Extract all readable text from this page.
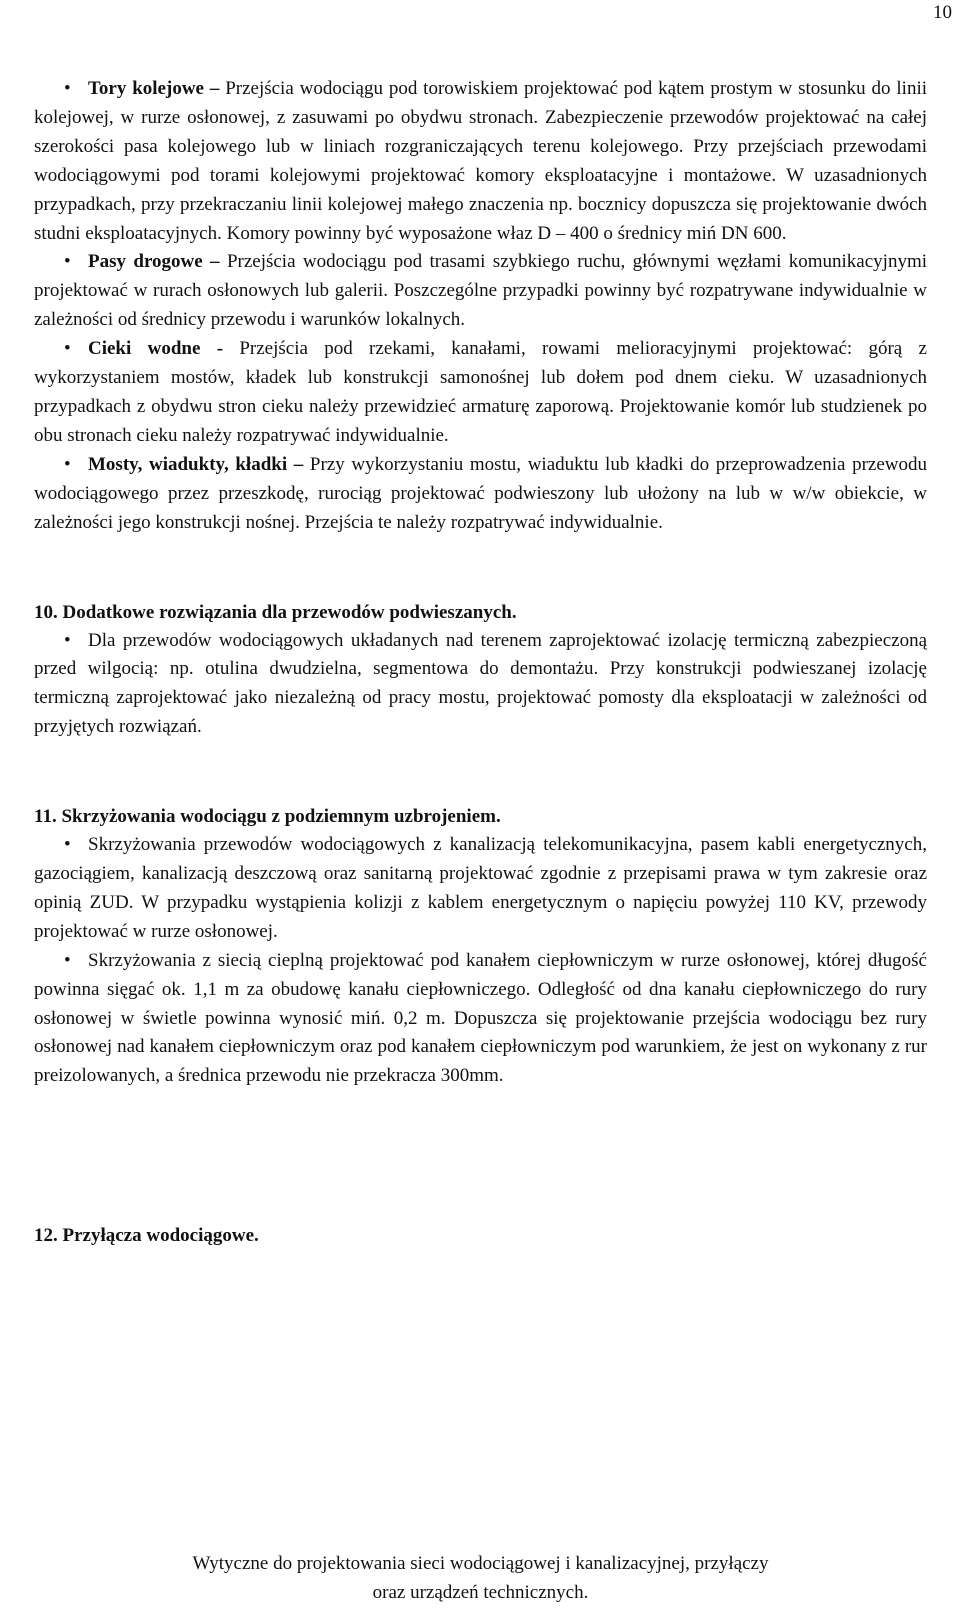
10

• Tory kolejowe – Przejścia wodociągu pod torowiskiem projektować pod kątem prostym w stosunku do linii kolejowej, w rurze osłonowej, z zasuwami po obydwu stronach. Zabezpieczenie przewodów projektować na całej szerokości pasa kolejowego lub w liniach rozgraniczających terenu kolejowego. Przy przejściach przewodami wodociągowymi pod torami kolejowymi projektować komory eksploatacyjne i montażowe. W uzasadnionych przypadkach, przy przekraczaniu linii kolejowej małego znaczenia np. bocznicy dopuszcza się projektowanie dwóch studni eksploatacyjnych. Komory powinny być wyposażone właz D – 400 o średnicy miń DN 600.

• Pasy drogowe – Przejścia wodociągu pod trasami szybkiego ruchu, głównymi węzłami komunikacyjnymi projektować w rurach osłonowych lub galerii. Poszczególne przypadki powinny być rozpatrywane indywidualnie w zależności od średnicy przewodu i warunków lokalnych.

• Cieki wodne - Przejścia pod rzekami, kanałami, rowami melioracyjnymi projektować: górą z wykorzystaniem mostów, kładek lub konstrukcji samonośnej lub dołem pod dnem cieku. W uzasadnionych przypadkach z obydwu stron cieku należy przewidzieć armaturę zaporową. Projektowanie komór lub studzienek po obu stronach cieku należy rozpatrywać indywidualnie.

• Mosty, wiadukty, kładki – Przy wykorzystaniu mostu, wiaduktu lub kładki do przeprowadzenia przewodu wodociągowego przez przeszkodę, rurociąg projektować podwieszony lub ułożony na lub w w/w obiekcie, w zależności jego konstrukcji nośnej. Przejścia te należy rozpatrywać indywidualnie.

10. Dodatkowe rozwiązania dla przewodów podwieszanych.

• Dla przewodów wodociągowych układanych nad terenem zaprojektować izolację termiczną zabezpieczoną przed wilgocią: np. otulina dwudzielna, segmentowa do demontażu. Przy konstrukcji podwieszanej izolację termiczną zaprojektować jako niezależną od pracy mostu, projektować pomosty dla eksploatacji w zależności od przyjętych rozwiązań.

11. Skrzyżowania wodociągu z podziemnym uzbrojeniem.

• Skrzyżowania przewodów wodociągowych z kanalizacją telekomunikacyjna, pasem kabli energetycznych, gazociągiem, kanalizacją deszczową oraz sanitarną projektować zgodnie z przepisami prawa w tym zakresie oraz opinią ZUD. W przypadku wystąpienia kolizji z kablem energetycznym o napięciu powyżej 110 KV, przewody projektować w rurze osłonowej.

• Skrzyżowania z siecią cieplną projektować pod kanałem ciepłowniczym w rurze osłonowej, której długość powinna sięgać ok. 1,1 m za obudowę kanału ciepłowniczego. Odległość od dna kanału ciepłowniczego do rury osłonowej w świetle powinna wynosić miń. 0,2 m. Dopuszcza się projektowanie przejścia wodociągu bez rury osłonowej nad kanałem ciepłowniczym oraz pod kanałem ciepłowniczym pod warunkiem, że jest on wykonany z rur preizolowanych, a średnica przewodu nie przekracza 300mm.

12. Przyłącza wodociągowe.

Wytyczne do projektowania sieci wodociągowej i kanalizacyjnej, przyłączy
oraz urządzeń technicznych.
